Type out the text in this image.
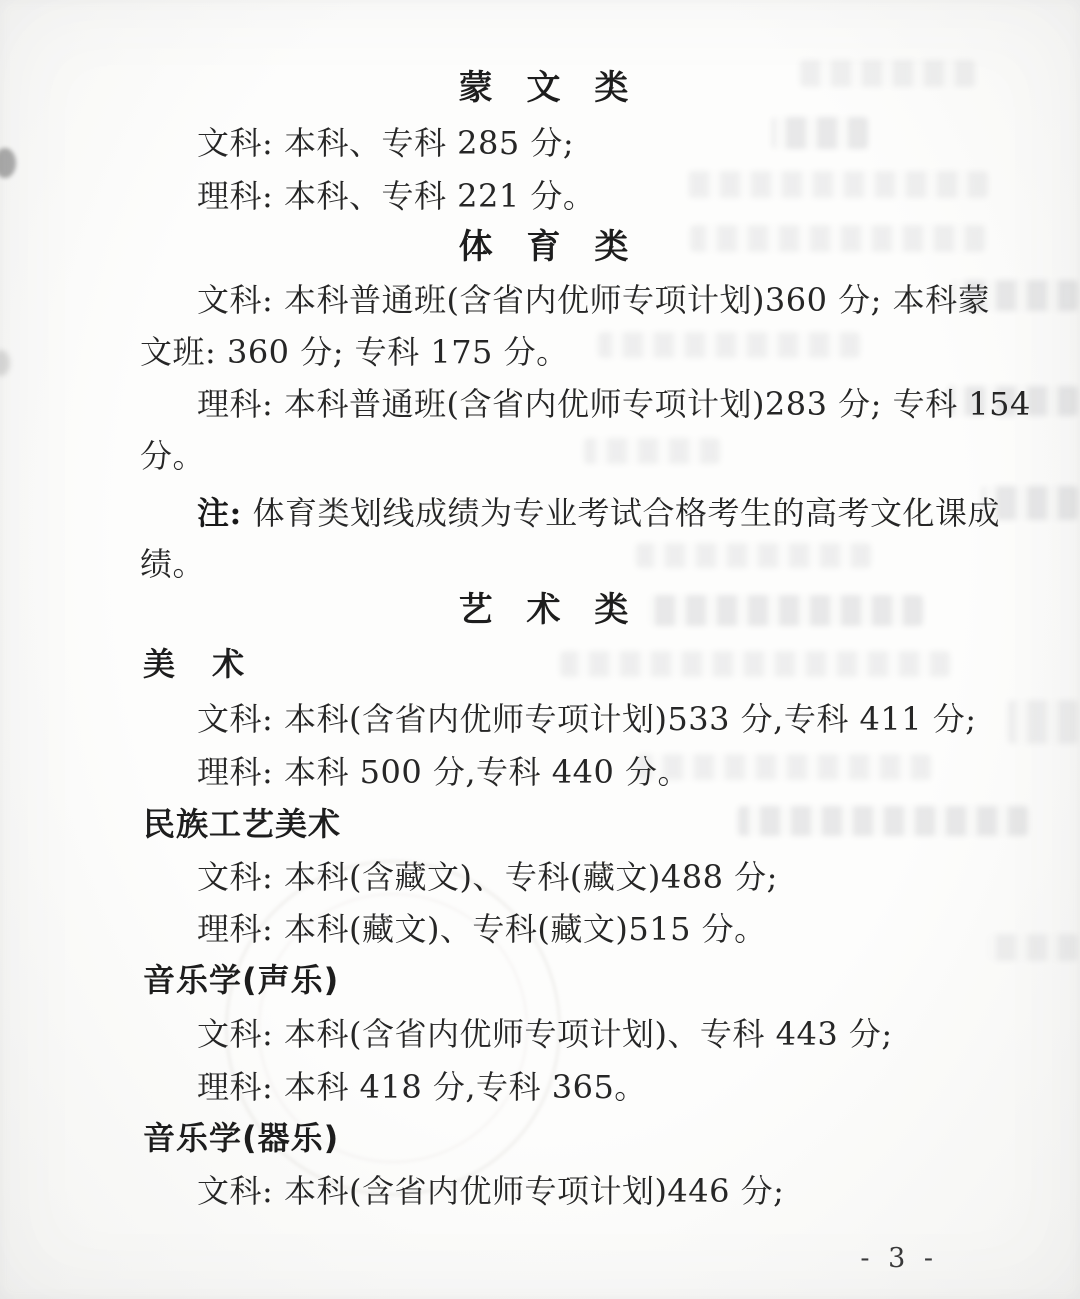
蒙 文 类
文科: 本科、专科 285 分;
理科: 本科、专科 221 分。
体 育 类
文科: 本科普通班(含省内优师专项计划)360 分; 本科蒙
文班: 360 分; 专科 175 分。
理科: 本科普通班(含省内优师专项计划)283 分; 专科 154
分。
注: 体育类划线成绩为专业考试合格考生的高考文化课成
绩。
艺 术 类
美 术
文科: 本科(含省内优师专项计划)533 分,专科 411 分;
理科: 本科 500 分,专科 440 分。
民族工艺美术
文科: 本科(含藏文)、专科(藏文)488 分;
理科: 本科(藏文)、专科(藏文)515 分。
音乐学(声乐)
文科: 本科(含省内优师专项计划)、专科 443 分;
理科: 本科 418 分,专科 365。
音乐学(器乐)
文科: 本科(含省内优师专项计划)446 分;
- 3 -
